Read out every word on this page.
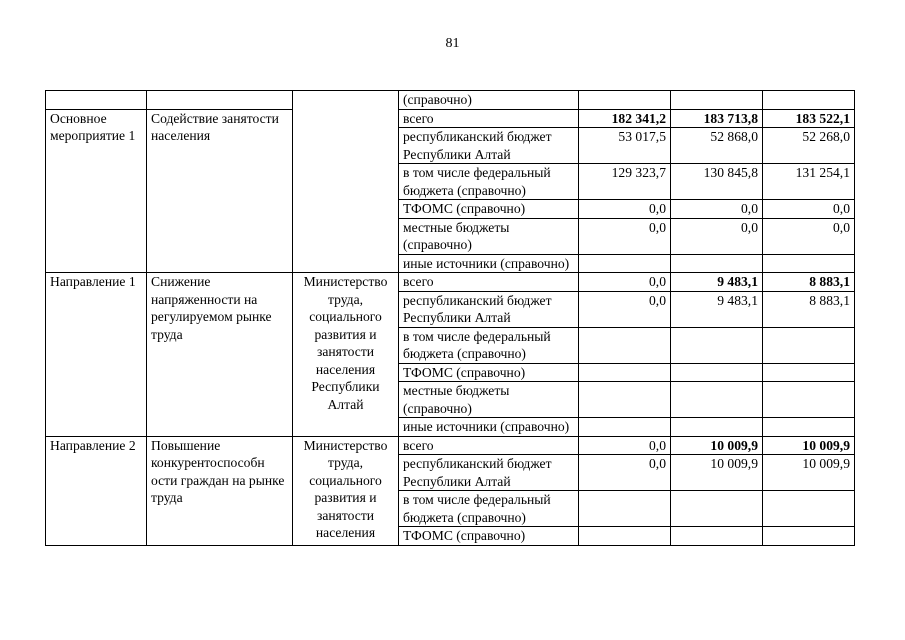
81
			(справочно)			
Основное мероприятие 1	Содействие занятости населения		всего	182 341,2	183 713,8	183 522,1
			республиканский бюджет Республики Алтай	53 017,5	52 868,0	52 268,0
			в том числе федеральный бюджета (справочно)	129 323,7	130 845,8	131 254,1
			ТФОМС (справочно)	0,0	0,0	0,0
			местные бюджеты (справочно)	0,0	0,0	0,0
			иные источники (справочно)			
Направление 1	Снижение напряженности на регулируемом рынке труда	Министерство труда, социального развития и занятости населения Республики Алтай	всего	0,0	9 483,1	8 883,1
			республиканский бюджет Республики Алтай	0,0	9 483,1	8 883,1
			в том числе федеральный бюджета (справочно)			
			ТФОМС (справочно)			
			местные бюджеты (справочно)			
			иные источники (справочно)			
Направление 2	Повышение конкурентоспособн ости граждан на рынке труда	Министерство труда, социального развития и занятости населения	всего	0,0	10 009,9	10 009,9
			республиканский бюджет Республики Алтай	0,0	10 009,9	10 009,9
			в том числе федеральный бюджета (справочно)			
			ТФОМС (справочно)			
